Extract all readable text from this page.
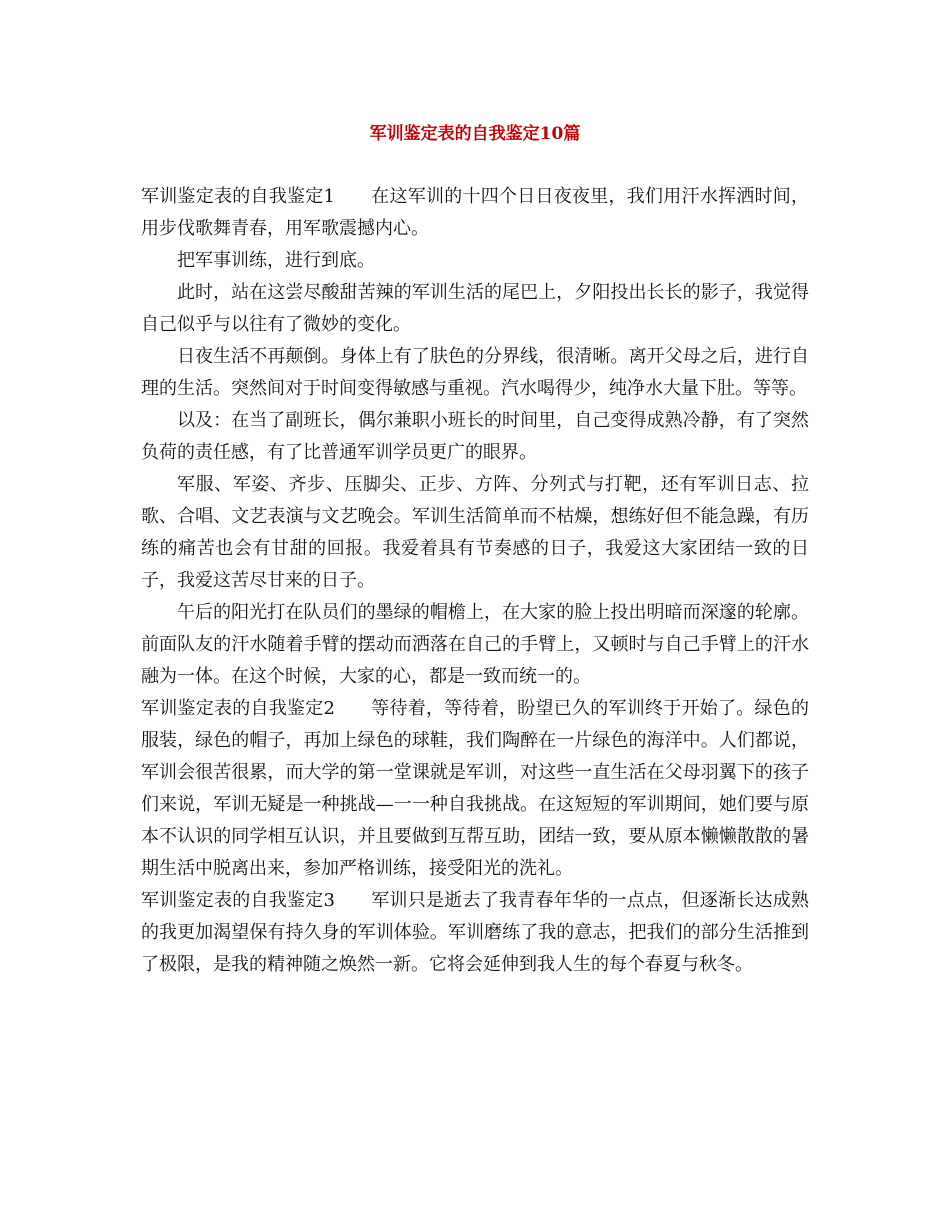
军训鉴定表的自我鉴定10篇

军训鉴定表的自我鉴定1 在这军训的十四个日日夜夜里，我们用汗水挥洒时间，用步伐歌舞青春，用军歌震撼内心。

把军事训练，进行到底。

此时，站在这尝尽酸甜苦辣的军训生活的尾巴上，夕阳投出长长的影子，我觉得自己似乎与以往有了微妙的变化。

日夜生活不再颠倒。身体上有了肤色的分界线，很清晰。离开父母之后，进行自理的生活。突然间对于时间变得敏感与重视。汽水喝得少，纯净水大量下肚。等等。

以及：在当了副班长，偶尔兼职小班长的时间里，自己变得成熟冷静，有了突然负荷的责任感，有了比普通军训学员更广的眼界。

军服、军姿、齐步、压脚尖、正步、方阵、分列式与打靶，还有军训日志、拉歌、合唱、文艺表演与文艺晚会。军训生活简单而不枯燥，想练好但不能急躁，有历练的痛苦也会有甘甜的回报。我爱着具有节奏感的日子，我爱这大家团结一致的日子，我爱这苦尽甘来的日子。

午后的阳光打在队员们的墨绿的帽檐上，在大家的脸上投出明暗而深邃的轮廓。前面队友的汗水随着手臂的摆动而洒落在自己的手臂上，又顿时与自己手臂上的汗水融为一体。在这个时候，大家的心，都是一致而统一的。

军训鉴定表的自我鉴定2 等待着，等待着，盼望已久的军训终于开始了。绿色的服装，绿色的帽子，再加上绿色的球鞋，我们陶醉在一片绿色的海洋中。人们都说，军训会很苦很累，而大学的第一堂课就是军训，对这些一直生活在父母羽翼下的孩子们来说，军训无疑是一种挑战—一一种自我挑战。在这短短的军训期间，她们要与原本不认识的同学相互认识，并且要做到互帮互助，团结一致，要从原本懒懒散散的暑期生活中脱离出来，参加严格训练，接受阳光的洗礼。

军训鉴定表的自我鉴定3 军训只是逝去了我青春年华的一点点，但逐渐长达成熟的我更加渴望保有持久身的军训体验。军训磨练了我的意志，把我们的部分生活推到了极限，是我的精神随之焕然一新。它将会延伸到我人生的每个春夏与秋冬。
